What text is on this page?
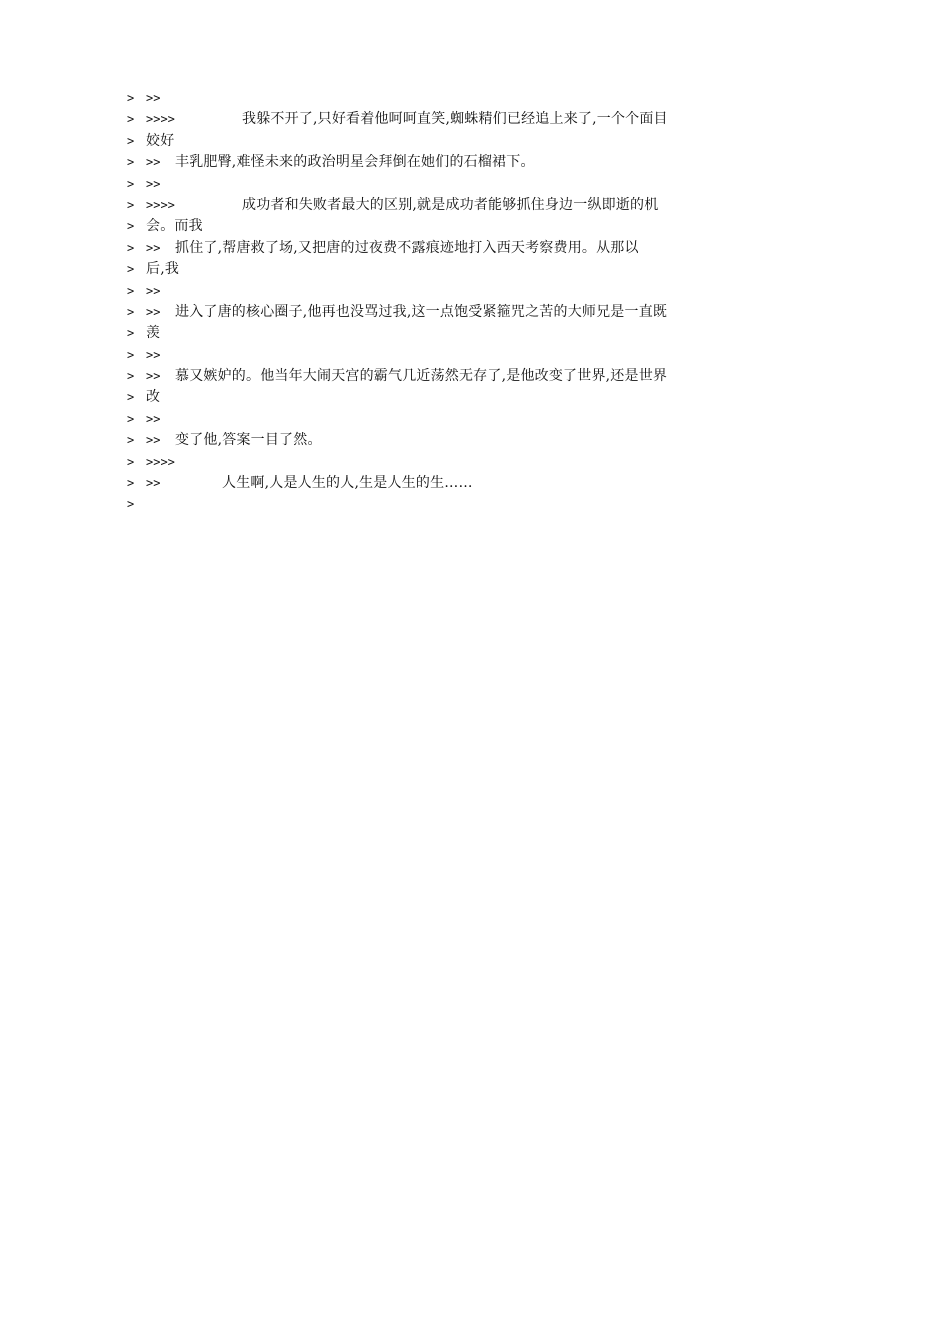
> >>
> >>>>	我躲不开了,只好看着他呵呵直笑,蜘蛛精们已经追上来了,一个个面目
> 姣好
> >>	丰乳肥臀,难怪未来的政治明星会拜倒在她们的石榴裙下。
> >>
> >>>>	成功者和失败者最大的区别,就是成功者能够抓住身边一纵即逝的机
> 会。而我
> >>	抓住了,帮唐救了场,又把唐的过夜费不露痕迹地打入西天考察费用。从那以
> 后,我
> >>
> >>	进入了唐的核心圈子,他再也没骂过我,这一点饱受紧箍咒之苦的大师兄是一直既
> 羡
> >>
> >>	慕又嫉妒的。他当年大闹天宫的霸气几近荡然无存了,是他改变了世界,还是世界
> 改
> >>
> >>	变了他,答案一目了然。
> >>>>
> >>	人生啊,人是人生的人,生是人生的生……
>
